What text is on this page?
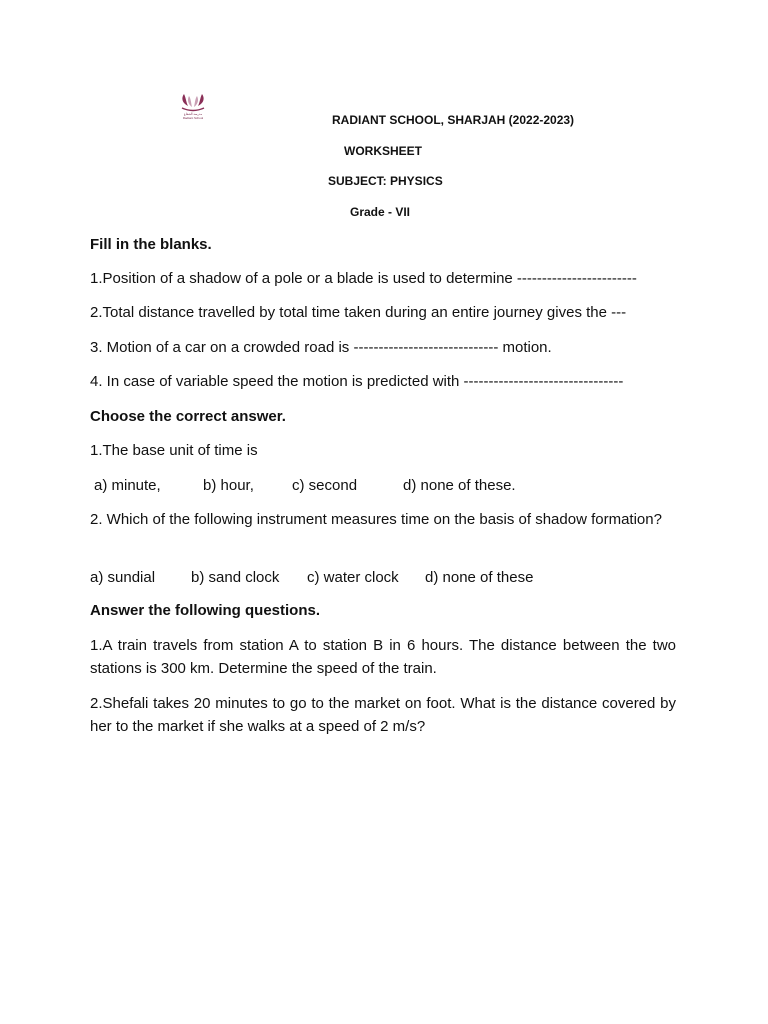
مدرسة الشعاع
Radiant School	RADIANT SCHOOL, SHARJAH (2022-2023)
WORKSHEET
SUBJECT: PHYSICS
Grade - VII
Fill in the blanks.
1.Position of a shadow of a pole or a blade is used to determine ------------------------
2.Total distance travelled by total time taken during an entire journey gives the ---
3. Motion of a car on a crowded road is ----------------------------- motion.
4. In case of variable speed the motion is predicted with --------------------------------
Choose the correct answer.
1.The base unit of time is
a) minute,	b) hour,	c) second	d) none of these.
2. Which of the following instrument measures time on the basis of shadow formation?
a) sundial b) sand clock c) water clock d) none of these
Answer the following questions.
1.A train travels from station A to station B in 6 hours. The distance between the two stations is 300 km. Determine the speed of the train.
2.Shefali takes 20 minutes to go to the market on foot. What is the distance covered by her to the market if she walks at a speed of 2 m/s?
